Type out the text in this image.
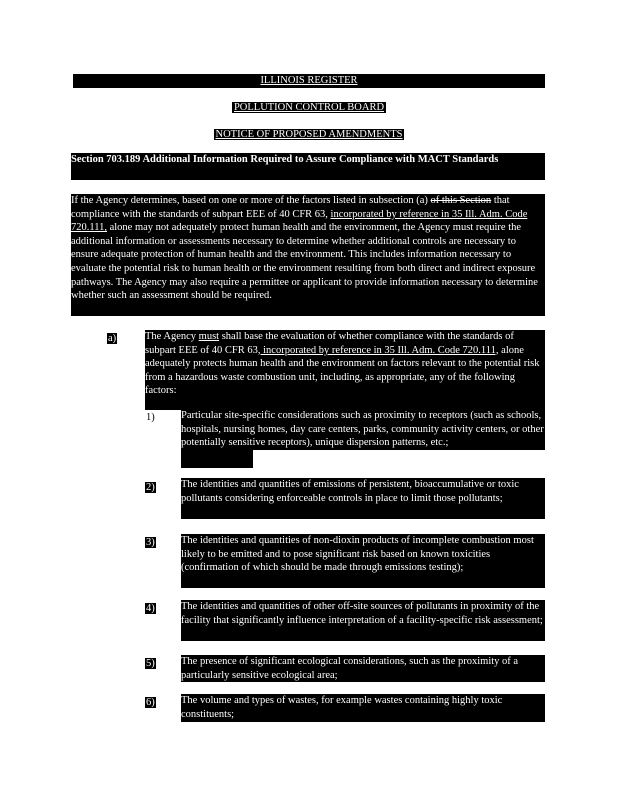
ILLINOIS REGISTER
POLLUTION CONTROL BOARD
NOTICE OF PROPOSED AMENDMENTS
Section 703.189 Additional Information Required to Assure Compliance with MACT Standards
If the Agency determines, based on one or more of the factors listed in subsection (a) of this Section that compliance with the standards of subpart EEE of 40 CFR 63, incorporated by reference in 35 Ill. Adm. Code 720.111, alone may not adequately protect human health and the environment, the Agency must require the additional information or assessments necessary to determine whether additional controls are necessary to ensure adequate protection of human health and the environment. This includes information necessary to evaluate the potential risk to human health or the environment resulting from both direct and indirect exposure pathways. The Agency may also require a permittee or applicant to provide information necessary to determine whether such an assessment should be required.
a)	The Agency must shall base the evaluation of whether compliance with the standards of subpart EEE of 40 CFR 63, incorporated by reference in 35 Ill. Adm. Code 720.111, alone adequately protects human health and the environment on factors relevant to the potential risk from a hazardous waste combustion unit, including, as appropriate, any of the following factors:
1)	Particular site-specific considerations such as proximity to receptors (such as schools, hospitals, nursing homes, day care centers, parks, community activity centers, or other potentially sensitive receptors), unique dispersion patterns, etc.;
2)	The identities and quantities of emissions of persistent, bioaccumulative or toxic pollutants considering enforceable controls in place to limit those pollutants;
3)	The identities and quantities of non-dioxin products of incomplete combustion most likely to be emitted and to pose significant risk based on known toxicities (confirmation of which should be made through emissions testing);
4)	The identities and quantities of other off-site sources of pollutants in proximity of the facility that significantly influence interpretation of a facility-specific risk assessment;
5)	The presence of significant ecological considerations, such as the proximity of a particularly sensitive ecological area;
6)	The volume and types of wastes, for example wastes containing highly toxic constituents;
